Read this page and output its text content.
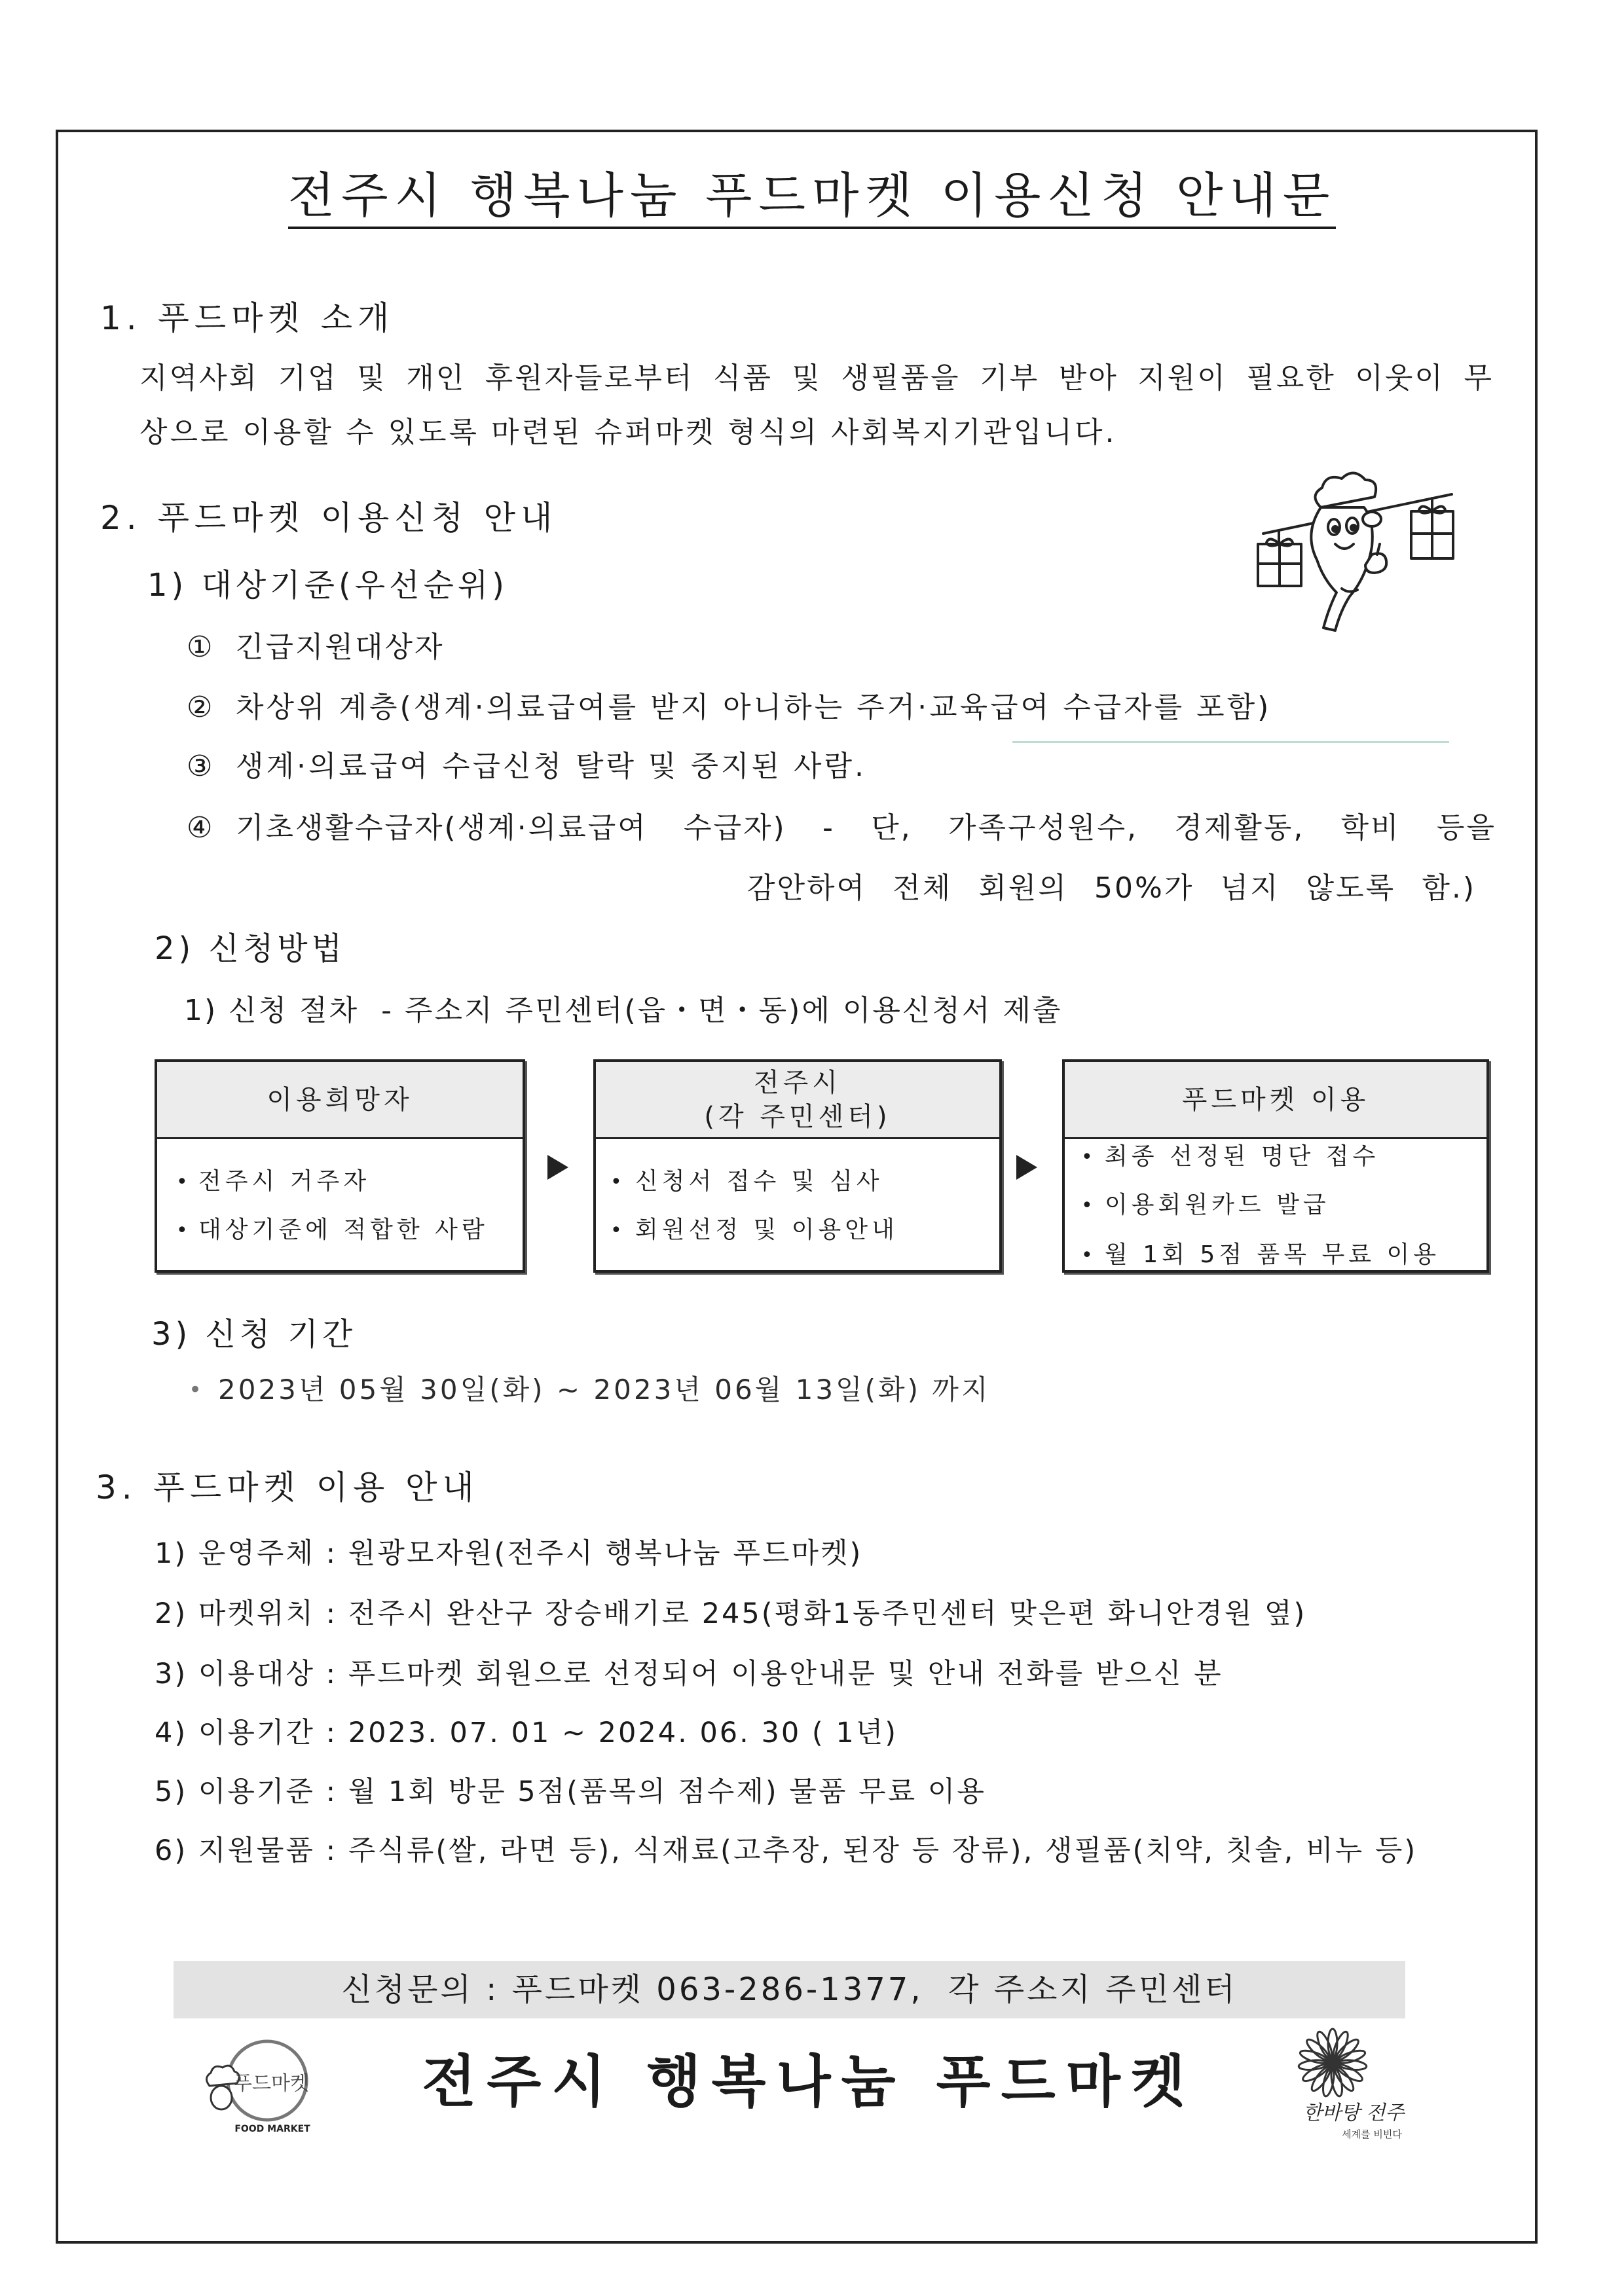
전주시 행복나눔 푸드마켓 이용신청 안내문
1. 푸드마켓 소개
지역사회 기업 및 개인 후원자들로부터 식품 및 생필품을 기부 받아 지원이 필요한 이웃이 무
상으로 이용할 수 있도록 마련된 슈퍼마켓 형식의 사회복지기관입니다.
2. 푸드마켓 이용신청 안내
1) 대상기준(우선순위)
① 긴급지원대상자
② 차상위 계층(생계·의료급여를 받지 아니하는 주거·교육급여 수급자를 포함)
③ 생계·의료급여 수급신청 탈락 및 중지된 사람.
④ 기초생활수급자(생계·의료급여 수급자) - 단, 가족구성원수, 경제활동, 학비 등을
감안하여 전체 회원의 50%가 넘지 않도록 함.)
2) 신청방법
1) 신청 절차  - 주소지 주민센터(읍・면・동)에 이용신청서 제출
이용희망자
• 전주시 거주자
• 대상기준에 적합한 사람
전주시
(각 주민센터)
• 신청서 접수 및 심사
• 회원선정 및 이용안내
푸드마켓 이용
• 최종 선정된 명단 접수
• 이용회원카드 발급
• 월 1회 5점 품목 무료 이용
3) 신청 기간
• 2023년 05월 30일(화) ~ 2023년 06월 13일(화) 까지
3. 푸드마켓 이용 안내
1) 운영주체 : 원광모자원(전주시 행복나눔 푸드마켓)
2) 마켓위치 : 전주시 완산구 장승배기로 245(평화1동주민센터 맞은편 화니안경원 옆)
3) 이용대상 : 푸드마켓 회원으로 선정되어 이용안내문 및 안내 전화를 받으신 분
4) 이용기간 : 2023. 07. 01 ~ 2024. 06. 30 ( 1년)
5) 이용기준 : 월 1회 방문 5점(품목의 점수제) 물품 무료 이용
6) 지원물품 : 주식류(쌀, 라면 등), 식재료(고추장, 된장 등 장류), 생필품(치약, 칫솔, 비누 등)
신청문의 : 푸드마켓 063-286-1377,  각 주소지 주민센터
푸드마켓
FOOD MARKET
전주시 행복나눔 푸드마켓	한바탕 전주
세계를 비빈다
